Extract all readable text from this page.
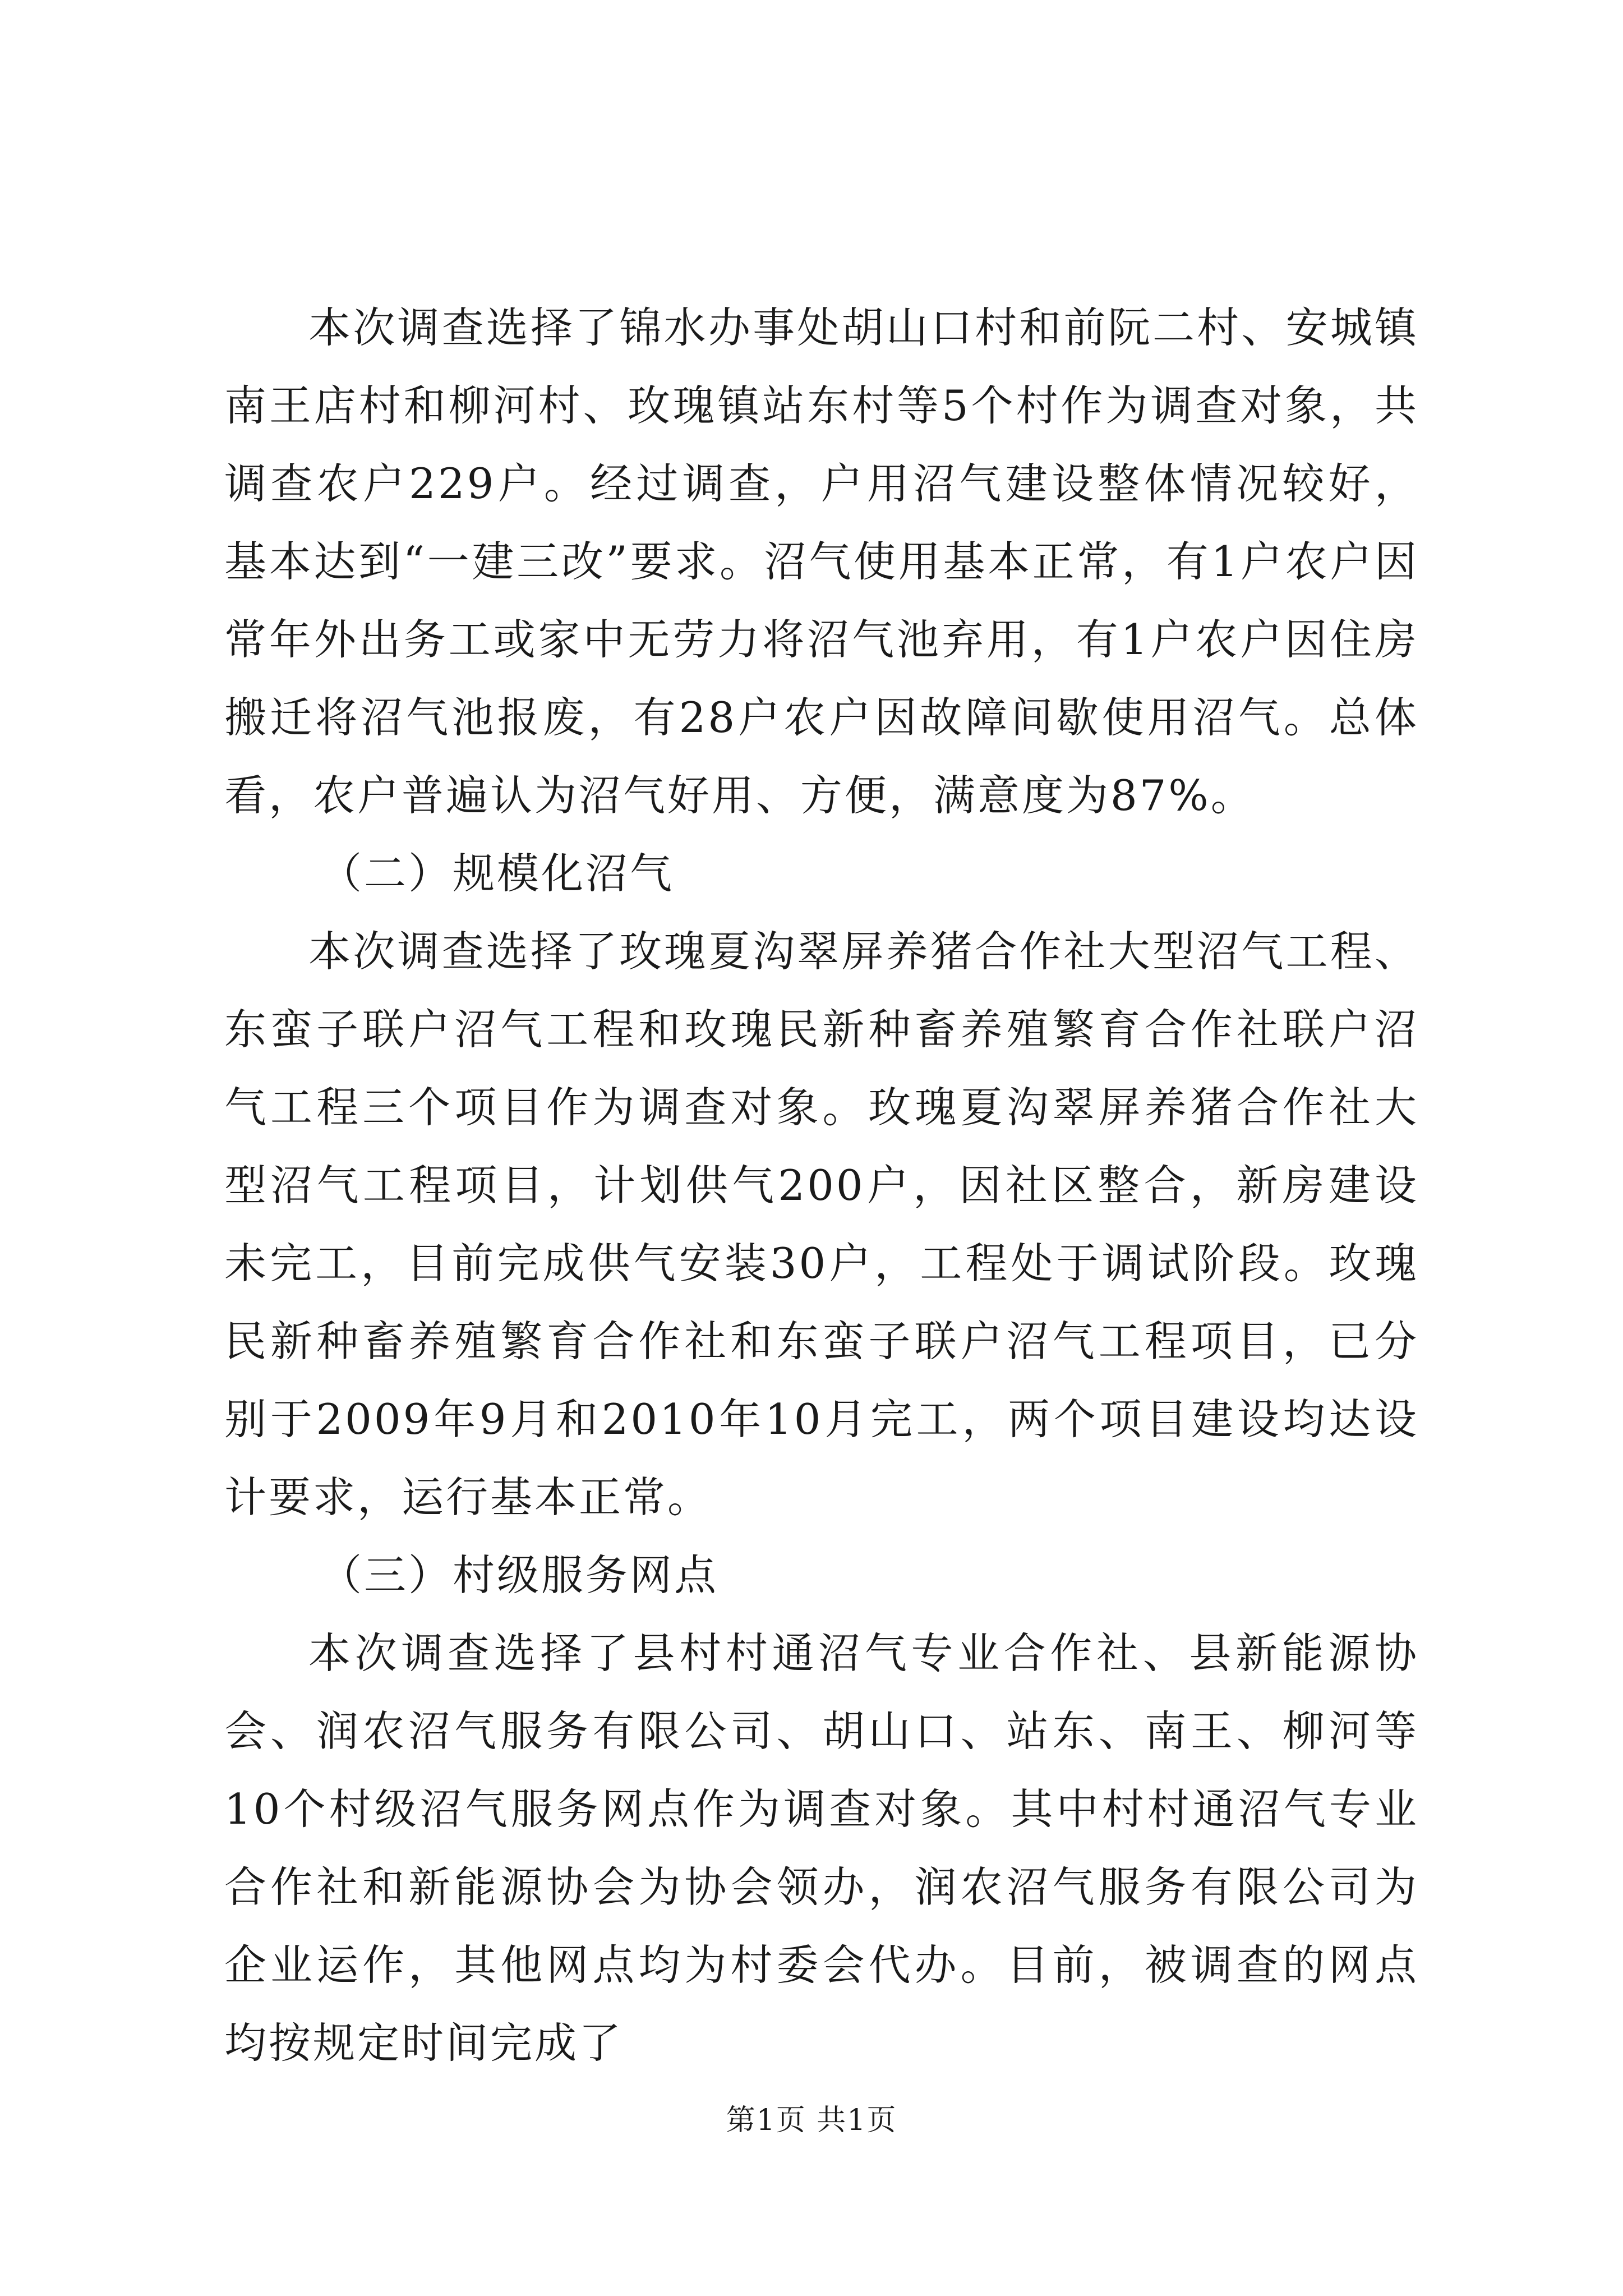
本次调查选择了锦水办事处胡山口村和前阮二村、安城镇南王店村和柳河村、玫瑰镇站东村等5个村作为调查对象，共调查农户229户。经过调查，户用沼气建设整体情况较好，基本达到“一建三改”要求。沼气使用基本正常，有1户农户因常年外出务工或家中无劳力将沼气池弃用，有1户农户因住房搬迁将沼气池报废，有28户农户因故障间歇使用沼气。总体看，农户普遍认为沼气好用、方便，满意度为87%。

（二）规模化沼气

本次调查选择了玫瑰夏沟翠屏养猪合作社大型沼气工程、东蛮子联户沼气工程和玫瑰民新种畜养殖繁育合作社联户沼气工程三个项目作为调查对象。玫瑰夏沟翠屏养猪合作社大型沼气工程项目，计划供气200户，因社区整合，新房建设未完工，目前完成供气安装30户，工程处于调试阶段。玫瑰民新种畜养殖繁育合作社和东蛮子联户沼气工程项目，已分别于2009年9月和2010年10月完工，两个项目建设均达设计要求，运行基本正常。

（三）村级服务网点

本次调查选择了县村村通沼气专业合作社、县新能源协会、润农沼气服务有限公司、胡山口、站东、南王、柳河等10个村级沼气服务网点作为调查对象。其中村村通沼气专业合作社和新能源协会为协会领办，润农沼气服务有限公司为企业运作，其他网点均为村委会代办。目前，被调查的网点均按规定时间完成了

第1页 共1页
